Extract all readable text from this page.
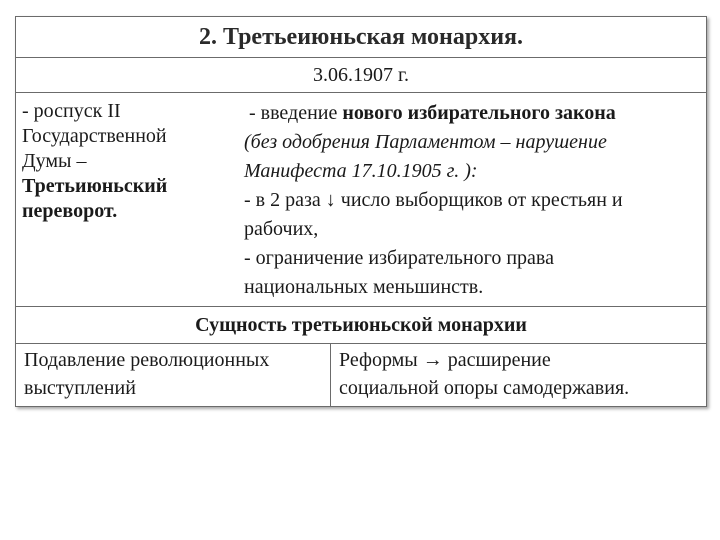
2. Третьеиюньская монархия.
3.06.1907 г.
- роспуск II
Государственной
Думы –
Третьиюньский
переворот.
- введение нового избирательного закона
(без одобрения Парламентом – нарушение
Манифеста 17.10.1905 г. ):
- в 2 раза ↓ число выборщиков от крестьян и
рабочих,
- ограничение избирательного права
национальных меньшинств.
Сущность третьиюньской монархии
Подавление революционных
выступлений
Реформы → расширение
социальной опоры самодержавия.
